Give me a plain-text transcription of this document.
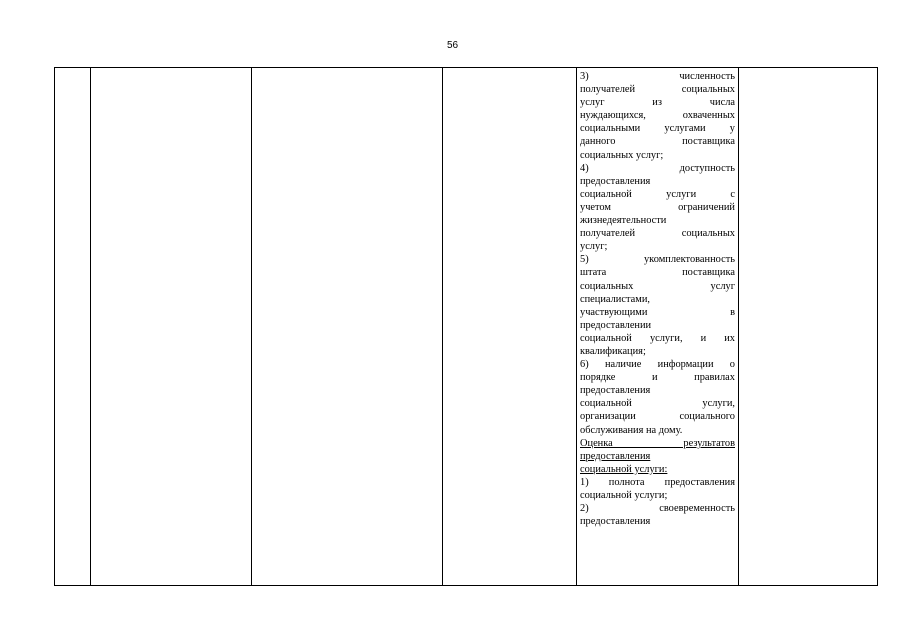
56

3) численность
получателей социальных
услуг из числа
нуждающихся, охваченных
социальными услугами у
данного поставщика
социальных услуг;
4) доступность
предоставления
социальной услуги с
учетом ограничений
жизнедеятельности
получателей социальных
услуг;
5) укомплектованность
штата поставщика
социальных услуг
специалистами,
участвующими в
предоставлении
социальной услуги, и их
квалификация;
6) наличие информации о
порядке и правилах
предоставления
социальной услуги,
организации социального
обслуживания на дому.
Оценка результатов
предоставления
социальной услуги:
1) полнота предоставления
социальной услуги;
2) своевременность
предоставления
